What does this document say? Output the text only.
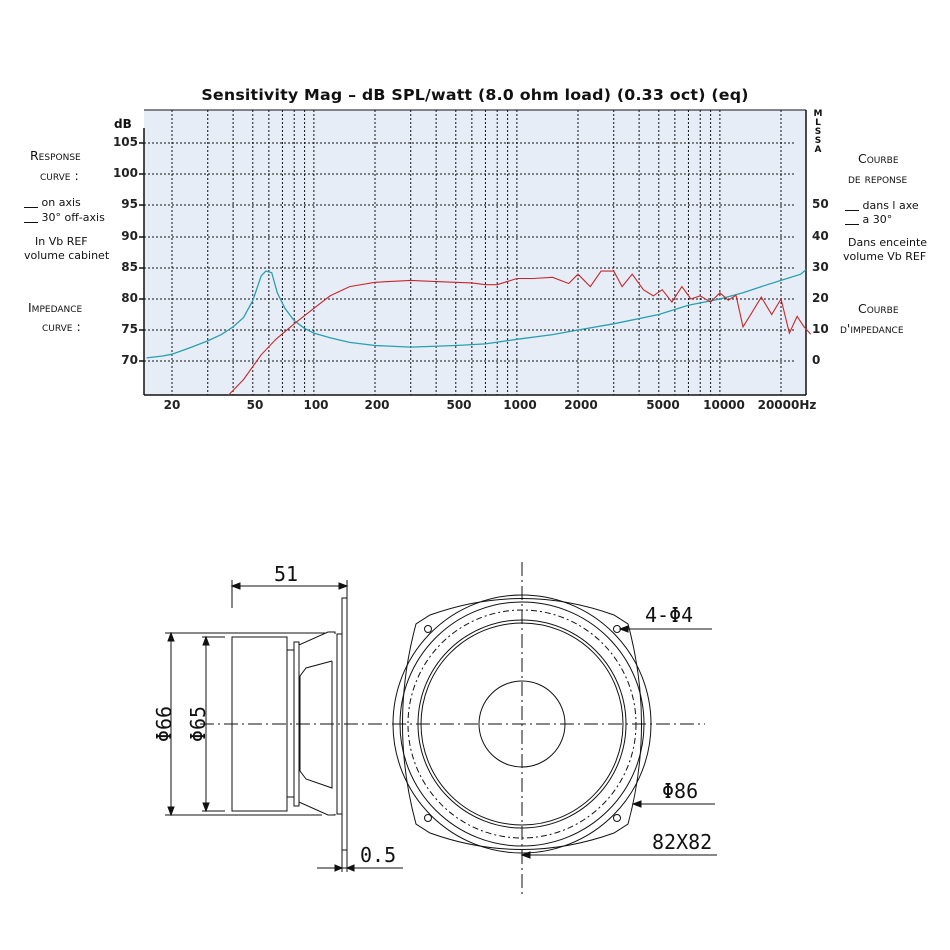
Sensitivity Mag – dB SPL/watt (8.0 ohm load) (0.33 oct) (eq)
dB
105
100
95
90
85
80
75
70
50
40
30
20
10
0
20	50	100	200	500	1000	2000	5000	10000	20000Hz
M
L
S
S
A
Response
curve :
on axis
30° off-axis
In Vb REF
volume cabinet
Impedance
curve :
Courbe
de reponse
dans l axe
a 30°
Dans enceinte
volume Vb REF
Courbe
d'impedance
51
Φ66 Φ65
0.5
4-Φ4
Φ86
82X82
